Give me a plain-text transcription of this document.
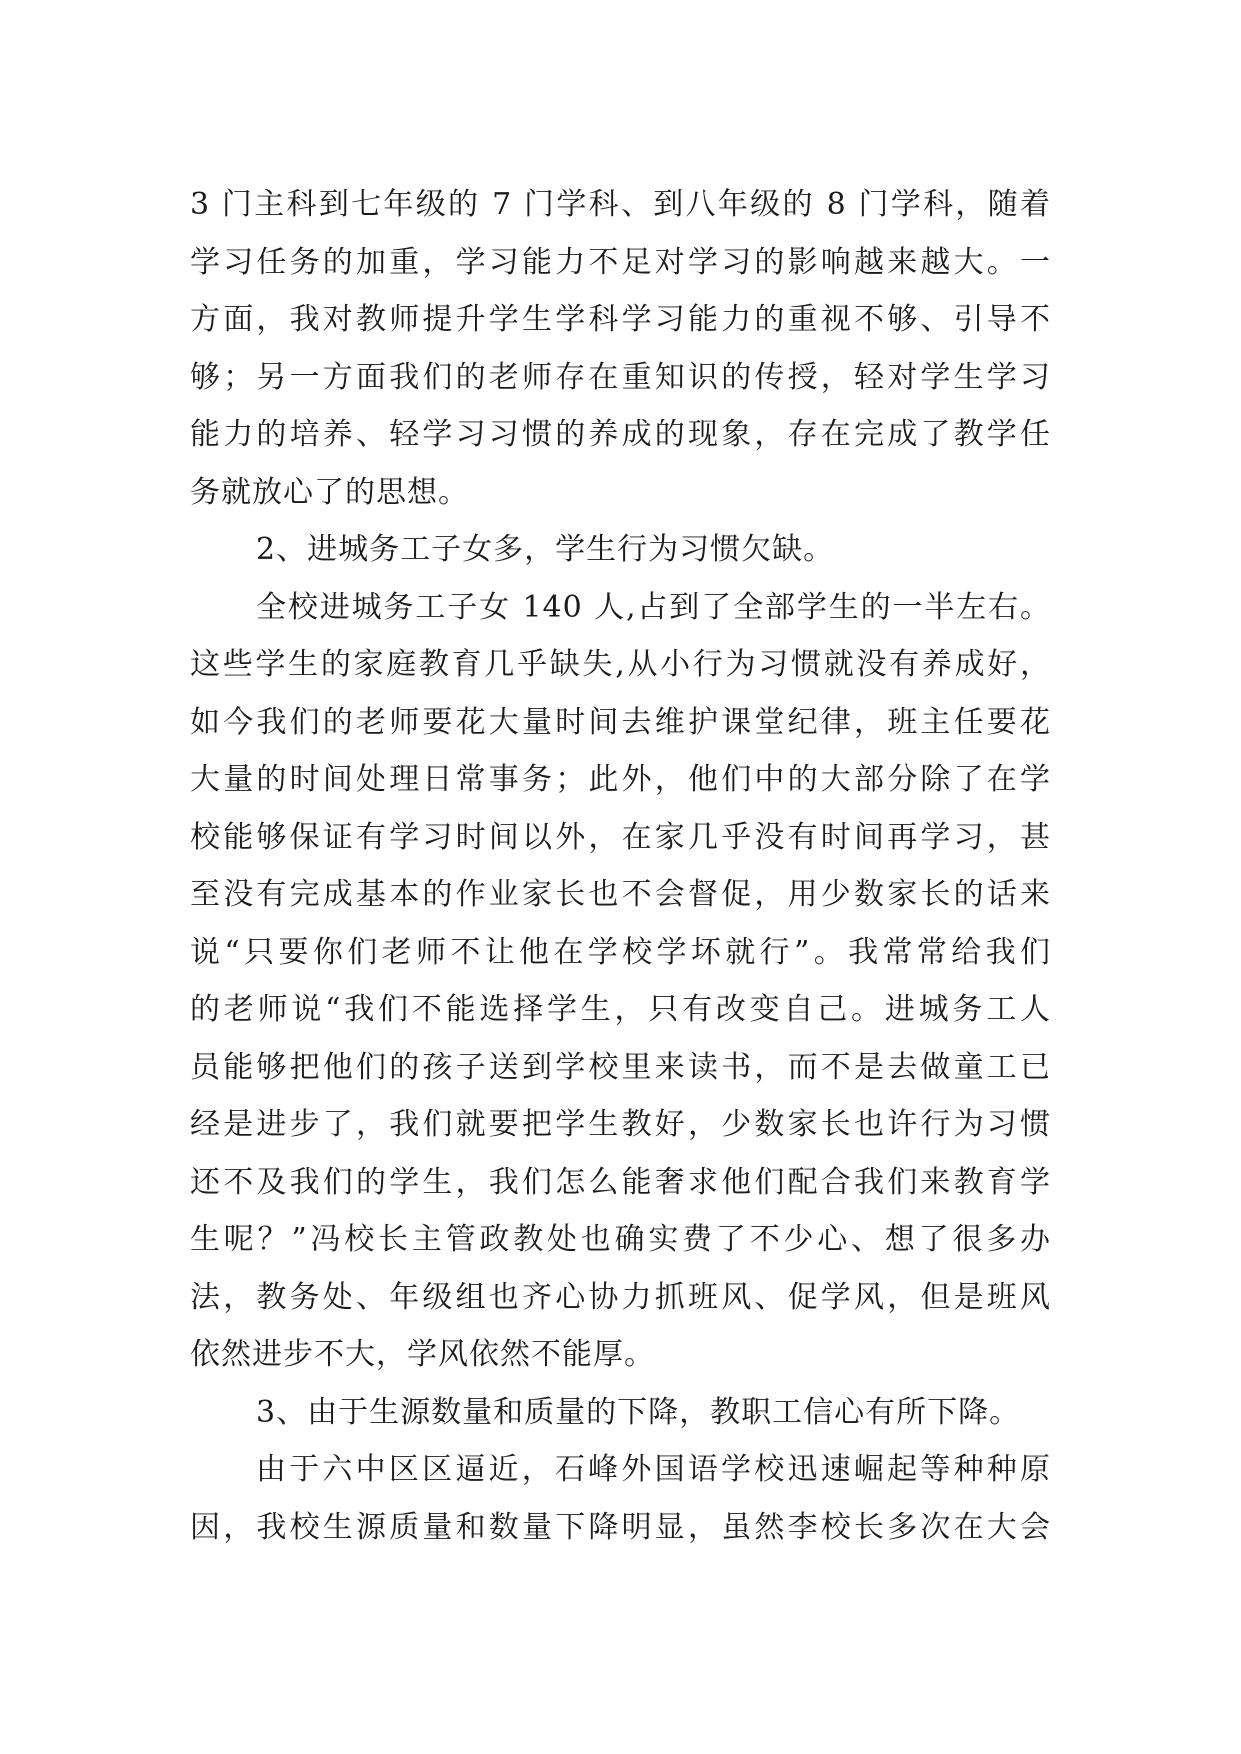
3 门主科到七年级的 7 门学科、到八年级的 8 门学科，随着
学习任务的加重，学习能力不足对学习的影响越来越大。一
方面，我对教师提升学生学科学习能力的重视不够、引导不
够；另一方面我们的老师存在重知识的传授，轻对学生学习
能力的培养、轻学习习惯的养成的现象，存在完成了教学任
务就放心了的思想。
2、进城务工子女多，学生行为习惯欠缺。
全校进城务工子女 140 人,占到了全部学生的一半左右。
这些学生的家庭教育几乎缺失,从小行为习惯就没有养成好，
如今我们的老师要花大量时间去维护课堂纪律，班主任要花
大量的时间处理日常事务；此外，他们中的大部分除了在学
校能够保证有学习时间以外，在家几乎没有时间再学习，甚
至没有完成基本的作业家长也不会督促，用少数家长的话来
说“只要你们老师不让他在学校学坏就行”。我常常给我们
的老师说“我们不能选择学生，只有改变自己。进城务工人
员能够把他们的孩子送到学校里来读书，而不是去做童工已
经是进步了，我们就要把学生教好，少数家长也许行为习惯
还不及我们的学生，我们怎么能奢求他们配合我们来教育学
生呢？”冯校长主管政教处也确实费了不少心、想了很多办
法，教务处、年级组也齐心协力抓班风、促学风，但是班风
依然进步不大，学风依然不能厚。
3、由于生源数量和质量的下降，教职工信心有所下降。
由于六中区区逼近，石峰外国语学校迅速崛起等种种原
因，我校生源质量和数量下降明显，虽然李校长多次在大会
